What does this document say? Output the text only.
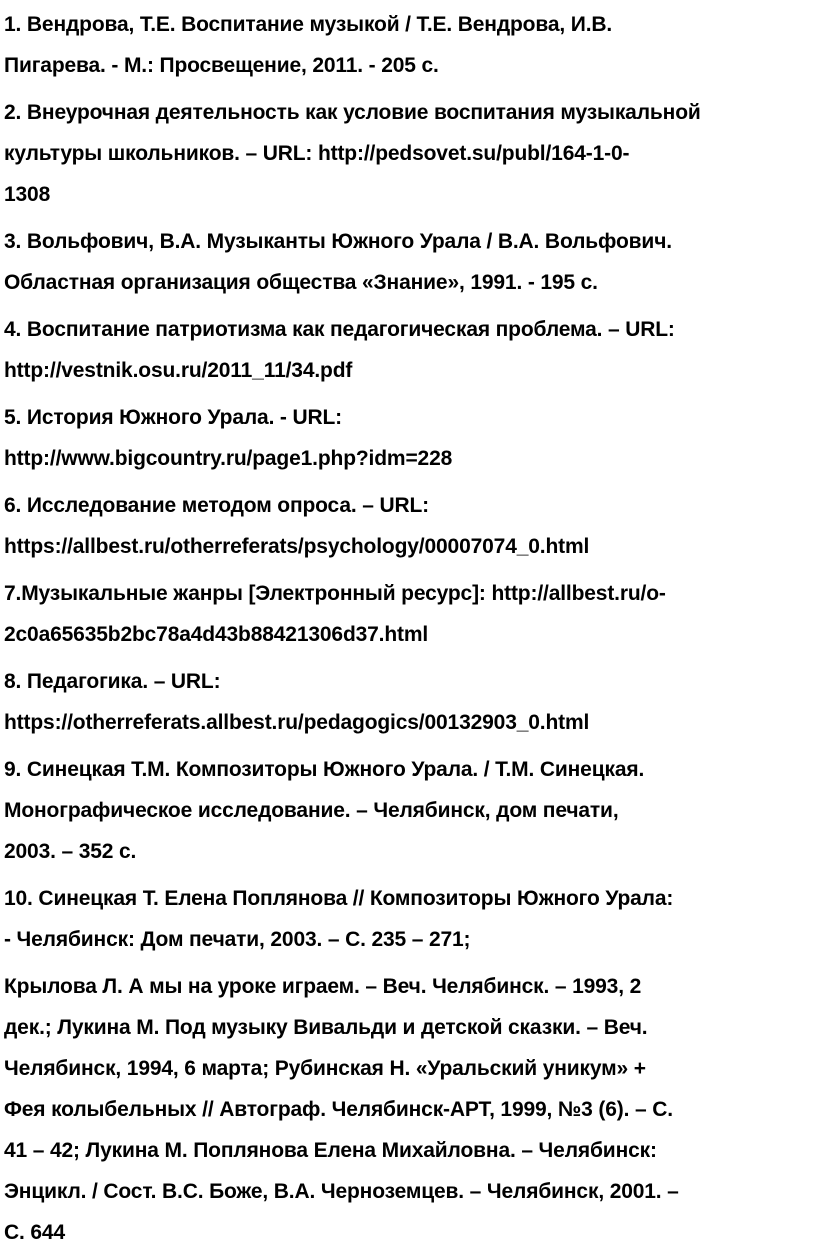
1. Вендрова, Т.Е. Воспитание музыкой / Т.Е. Вендрова, И.В.
Пигарева. - М.: Просвещение, 2011. - 205 с.

2. Внеурочная деятельность как условие воспитания музыкальной
культуры школьников. – URL: http://pedsovet.su/publ/164-1-0-
1308

3. Вольфович, В.А. Музыканты Южного Урала / В.А. Вольфович.
Областная организация общества «Знание», 1991. - 195 с.

4. Воспитание патриотизма как педагогическая проблема. – URL:
http://vestnik.osu.ru/2011_11/34.pdf

5. История Южного Урала. - URL:
http://www.bigcountry.ru/page1.php?idm=228

6. Исследование методом опроса. – URL:
https://allbest.ru/otherreferats/psychology/00007074_0.html

7.Музыкальные жанры [Электронный ресурс]: http://allbest.ru/o-
2c0a65635b2bc78a4d43b88421306d37.html

8. Педагогика. – URL:
https://otherreferats.allbest.ru/pedagogics/00132903_0.html

9. Синецкая Т.М. Композиторы Южного Урала. / Т.М. Синецкая.
Монографическое исследование. – Челябинск, дом печати,
2003. – 352 с.

10. Синецкая Т. Елена Поплянова // Композиторы Южного Урала:
- Челябинск: Дом печати, 2003. – С. 235 – 271;

Крылова Л. А мы на уроке играем. – Веч. Челябинск. – 1993, 2
дек.; Лукина М. Под музыку Вивальди и детской сказки. – Веч.
Челябинск, 1994, 6 марта; Рубинская Н. «Уральский уникум» +
Фея колыбельных // Автограф. Челябинск-АРТ, 1999, №3 (6). – С.
41 – 42; Лукина М. Поплянова Елена Михайловна. – Челябинск:
Энцикл. / Сост. В.С. Боже, В.А. Черноземцев. – Челябинск, 2001. –
С. 644
